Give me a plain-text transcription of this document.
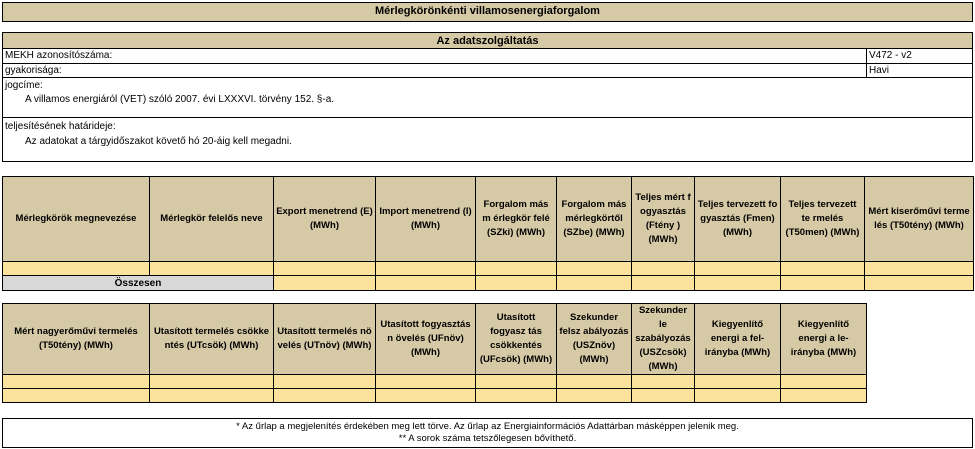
Mérlegkörönkénti villamosenergiaforgalom
Az adatszolgáltatás
MEKH azonosítószáma:	V472 - v2
gyakorisága:	Havi
jogcíme:
A villamos energiáról (VET) szóló 2007. évi LXXXVI. törvény 152. §-a.
teljesítésének határideje:
Az adatokat a tárgyidőszakot követő hó 20-áig kell megadni.
Mérlegkörök megnevezése	Mérlegkör felelős neve	Export menetrend (E) (MWh)	Import menetrend (I) (MWh)	Forgalom más m érlegkör felé (SZki) (MWh)	Forgalom más mérlegkörtől (SZbe) (MWh)	Teljes mért f ogyasztás (Ftény ) (MWh)	Teljes tervezett fo gyasztás (Fmen) (MWh)	Teljes tervezett te rmelés (T50men) (MWh)	Mért kiserőművi terme lés (T50tény) (MWh)

Összesen									
Mért nagyerőművi termelés (T50tény) (MWh)	Utasított termelés csökke ntés (UTcsök) (MWh)	Utasított termelés nö velés (UTnöv) (MWh)	Utasított fogyasztás n övelés (UFnöv) (MWh)	Utasított fogyasz tás csökkentés (UFcsök) (MWh)	Szekunder felsz abályozás (USZnöv) (MWh)	Szekunder le szabályozás (USZcsök) (MWh)	Kiegyenlítő energi a fel-irányba (MWh)	Kiegyenlítő energi a le-irányba (MWh)

* Az űrlap a megjelenítés érdekében meg lett törve. Az űrlap az Energiainformációs Adattárban másképpen jelenik meg.
** A sorok száma tetszőlegesen bővíthető.
